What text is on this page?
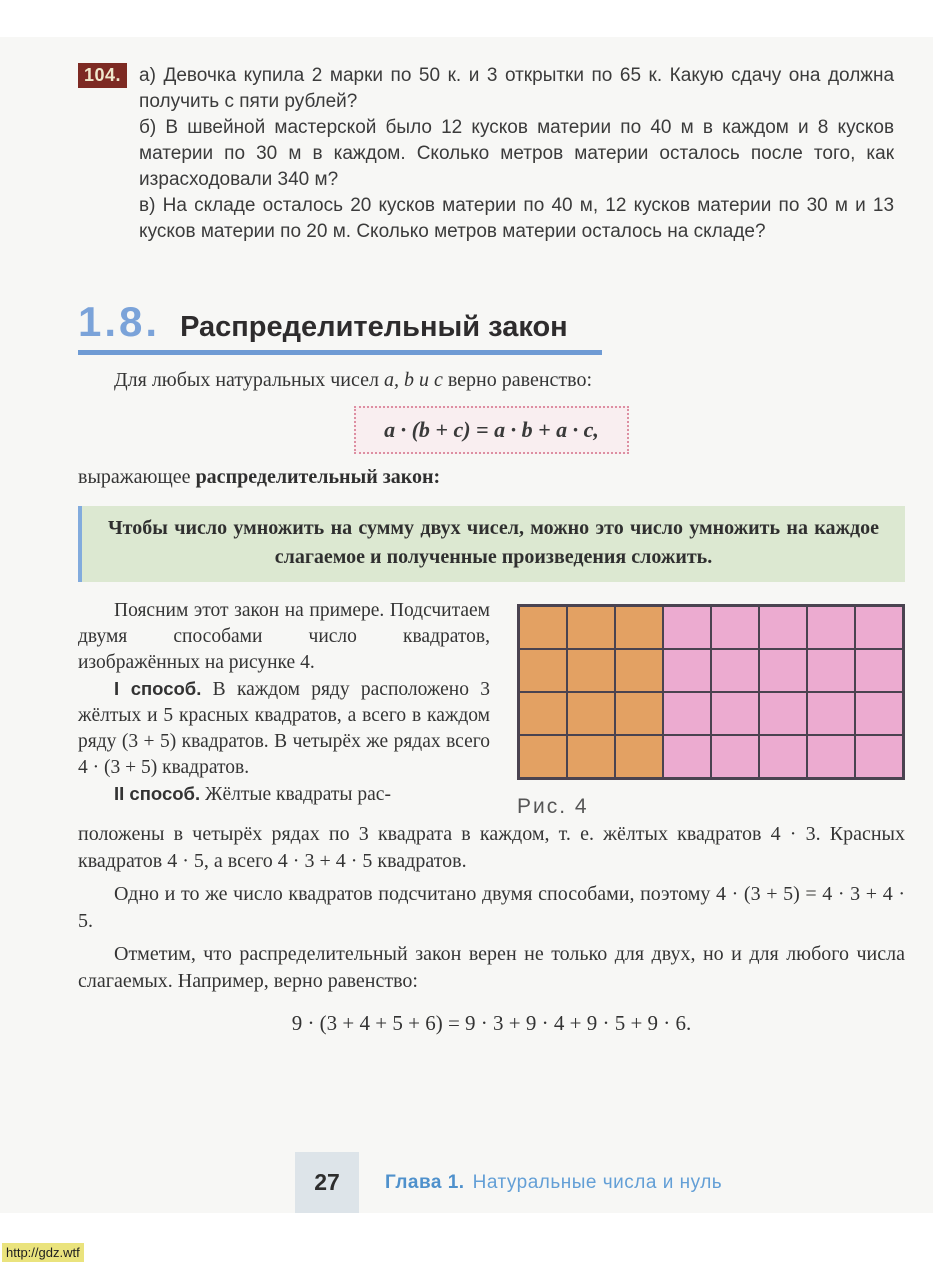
104. а) Девочка купила 2 марки по 50 к. и 3 открытки по 65 к. Какую сдачу она должна получить с пяти рублей?

б) В швейной мастерской было 12 кусков материи по 40 м в каждом и 8 кусков материи по 30 м в каждом. Сколько метров материи осталось после того, как израсходовали 340 м?

в) На складе осталось 20 кусков материи по 40 м, 12 кусков материи по 30 м и 13 кусков материи по 20 м. Сколько метров материи осталось на складе?

1.8. Распределительный закон

Для любых натуральных чисел a, b и c верно равенство:

a · (b + c) = a · b + a · c,

выражающее распределительный закон:

Чтобы число умножить на сумму двух чисел, можно это число умножить на каждое слагаемое и полученные произведения сложить.

Поясним этот закон на примере. Подсчитаем двумя способами число квадратов, изображённых на рисунке 4.

I способ. В каждом ряду расположено 3 жёлтых и 5 красных квадратов, а всего в каждом ряду (3 + 5) квадратов. В четырёх же рядах всего 4 · (3 + 5) квадратов.

II способ. Жёлтые квадраты рас-

Рис. 4

положены в четырёх рядах по 3 квадрата в каждом, т. е. жёлтых квадратов 4 · 3. Красных квадратов 4 · 5, а всего 4 · 3 + 4 · 5 квадратов.

Одно и то же число квадратов подсчитано двумя способами, поэтому 4 · (3 + 5) = 4 · 3 + 4 · 5.

Отметим, что распределительный закон верен не только для двух, но и для любого числа слагаемых. Например, верно равенство:

9 · (3 + 4 + 5 + 6) = 9 · 3 + 9 · 4 + 9 · 5 + 9 · 6.
27	Глава 1. Натуральные числа и нуль
http://gdz.wtf
